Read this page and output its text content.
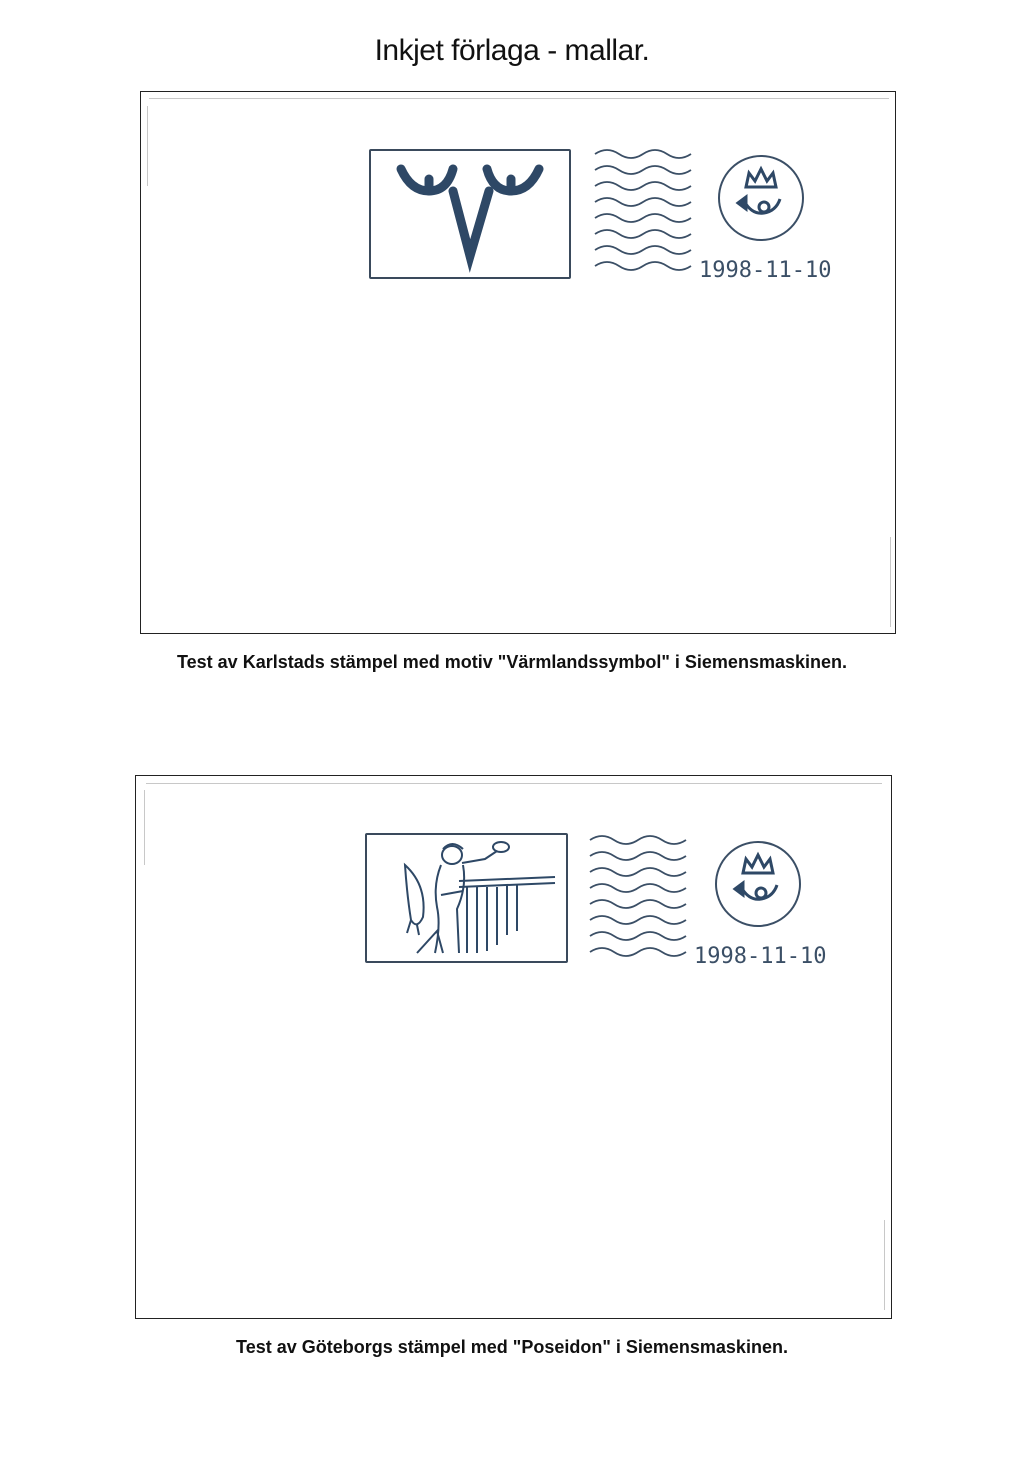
Inkjet förlaga - mallar.
1998-11-10
Test av Karlstads stämpel med motiv "Värmlandssymbol" i Siemensmaskinen.
1998-11-10
Test av Göteborgs stämpel med "Poseidon" i Siemensmaskinen.
